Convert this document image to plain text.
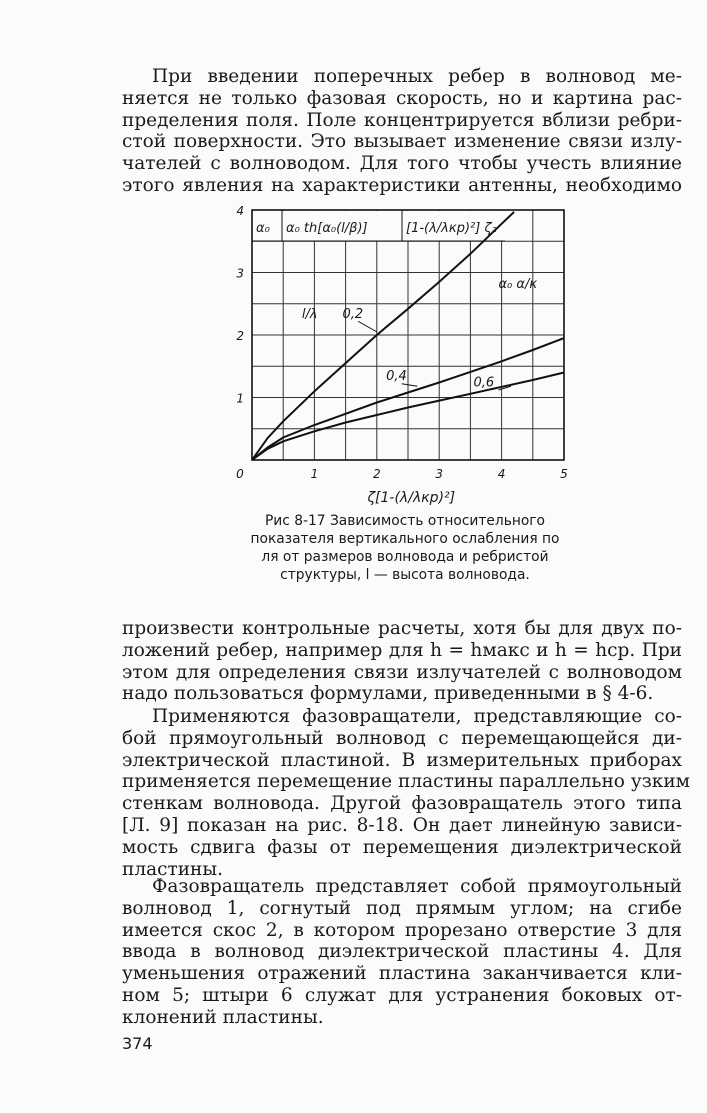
При введении поперечных ребер в волновод ме-
няется не только фазовая скорость, но и картина рас-
пределения поля. Поле концентрируется вблизи ребри-
стой поверхности. Это вызывает изменение связи излу-
чателей с волноводом. Для того чтобы учесть влияние
этого явления на характеристики антенны, необходимо
α₀ α₀ th[α₀(l/β)]	[1-(λ/λкр)²] ζ₂
0	1	2	3	4	5
1
2
3
4
l/λ 0,2
0,4	0,6
α₀ α/к
ζ[1-(λ/λкр)²]
Рис 8-17 Зависимость относительного
показателя вертикального ослабления по
ля от размеров волновода и ребристой
структуры, l — высота волновода.
произвести контрольные расчеты, хотя бы для двух по-
ложений ребер, например для h = hмакс и h = hср. При
этом для определения связи излучателей с волноводом
надо пользоваться формулами, приведенными в § 4-6.
Применяются фазовращатели, представляющие со-
бой прямоугольный волновод с перемещающейся ди-
электрической пластиной. В измерительных приборах
применяется перемещение пластины параллельно узким
стенкам волновода. Другой фазовращатель этого типа
[Л. 9] показан на рис. 8-18. Он дает линейную зависи-
мость сдвига фазы от перемещения диэлектрической
пластины.
Фазовращатель представляет собой прямоугольный
волновод 1, согнутый под прямым углом; на сгибе
имеется скос 2, в котором прорезано отверстие 3 для
ввода в волновод диэлектрической пластины 4. Для
уменьшения отражений пластина заканчивается кли-
ном 5; штыри 6 служат для устранения боковых от-
клонений пластины.
374
